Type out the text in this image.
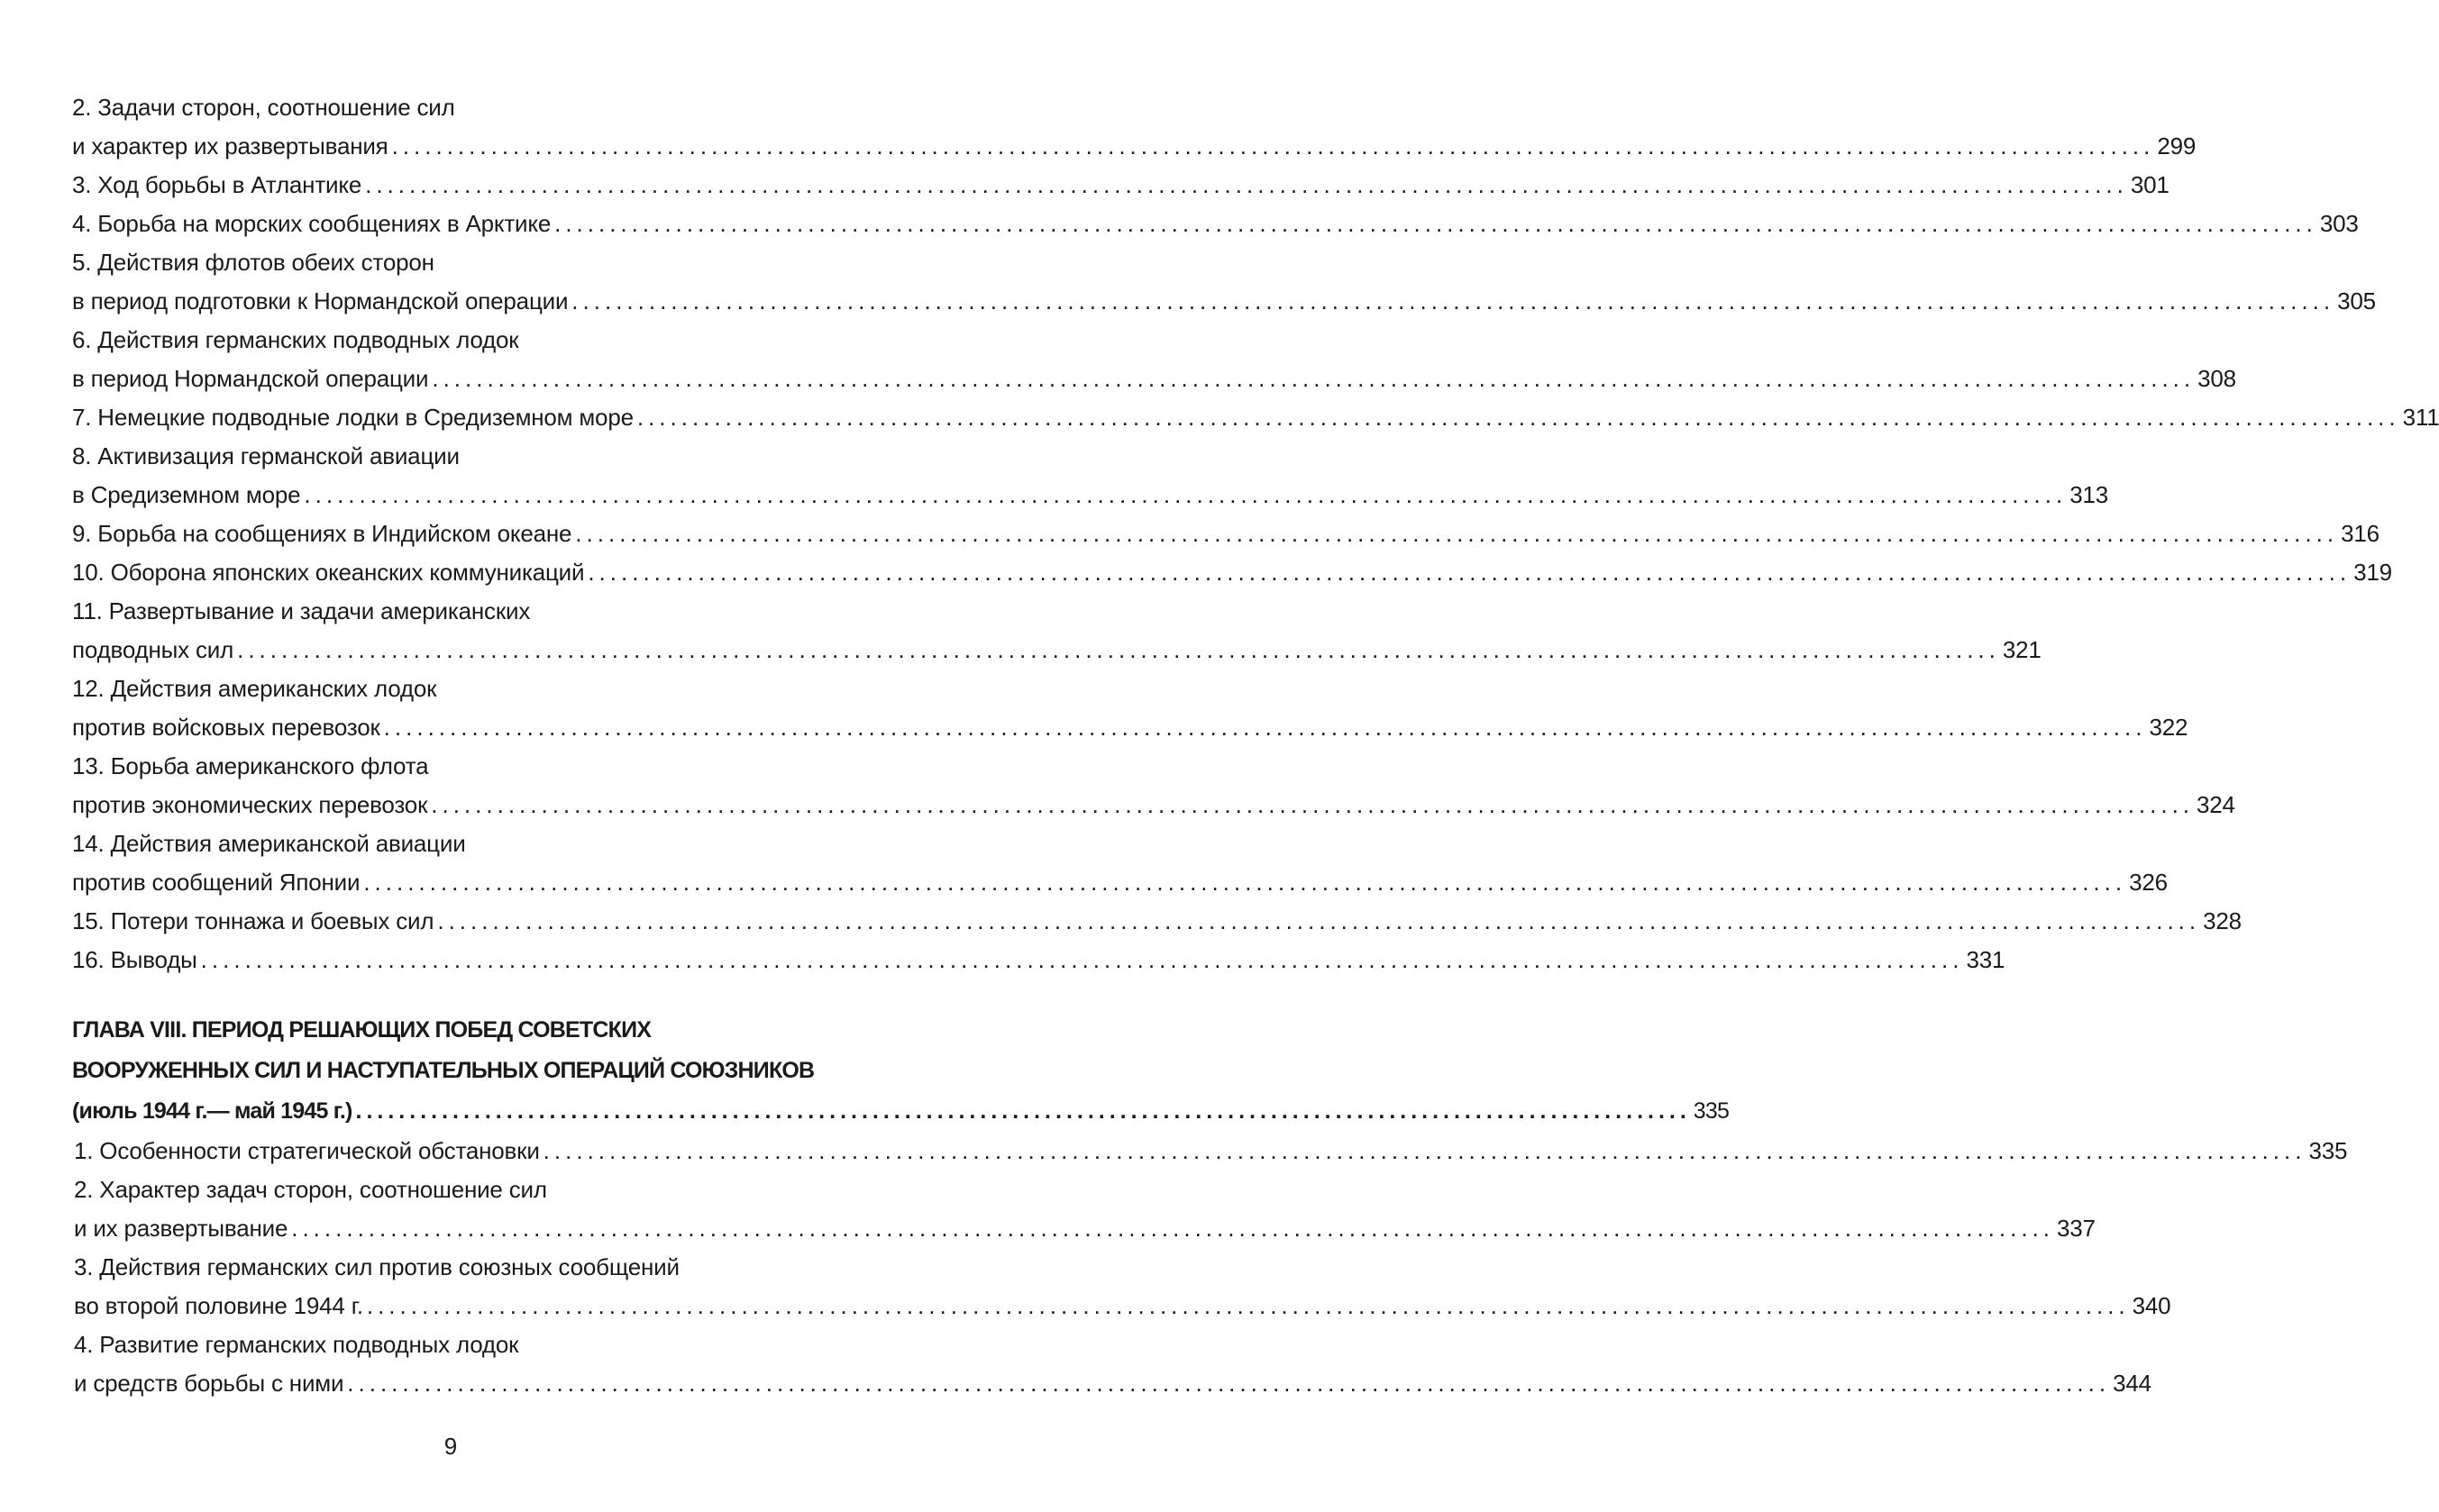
2. Задачи сторон, соотношение сил
и характер их развертывания ................................................................................................................................................................ 299
3. Ход борьбы в Атлантике ................................................................................................................................................................ 301
4. Борьба на морских сообщениях в Арктике ................................................................................................................................................................ 303
5. Действия флотов обеих сторон
в период подготовки к Нормандской операции ................................................................................................................................................................ 305
6. Действия германских подводных лодок
в период Нормандской операции ................................................................................................................................................................ 308
7. Немецкие подводные лодки в Средиземном море ................................................................................................................................................................ 311
8. Активизация германской авиации
в Средиземном море ................................................................................................................................................................ 313
9. Борьба на сообщениях в Индийском океане ................................................................................................................................................................ 316
10. Оборона японских океанских коммуникаций ................................................................................................................................................................ 319
11. Развертывание и задачи американских
подводных сил ................................................................................................................................................................ 321
12. Действия американских лодок
против войсковых перевозок ................................................................................................................................................................ 322
13. Борьба американского флота
против экономических перевозок ................................................................................................................................................................ 324
14. Действия американской авиации
против сообщений Японии ................................................................................................................................................................ 326
15. Потери тоннажа и боевых сил ................................................................................................................................................................ 328
16. Выводы ................................................................................................................................................................ 331
ГЛАВА VIII. ПЕРИОД РЕШАЮЩИХ ПОБЕД СОВЕТСКИХ
ВООРУЖЕННЫХ СИЛ И НАСТУПАТЕЛЬНЫХ ОПЕРАЦИЙ СОЮЗНИКОВ
(июль 1944 г.— май 1945 г.) ............................................................................................................................ 335
1. Особенности стратегической обстановки ................................................................................................................................................................ 335
2. Характер задач сторон, соотношение сил
и их развертывание ................................................................................................................................................................ 337
3. Действия германских сил против союзных сообщений
во второй половине 1944 г. ................................................................................................................................................................ 340
4. Развитие германских подводных лодок
и средств борьбы с ними ................................................................................................................................................................ 344
9
